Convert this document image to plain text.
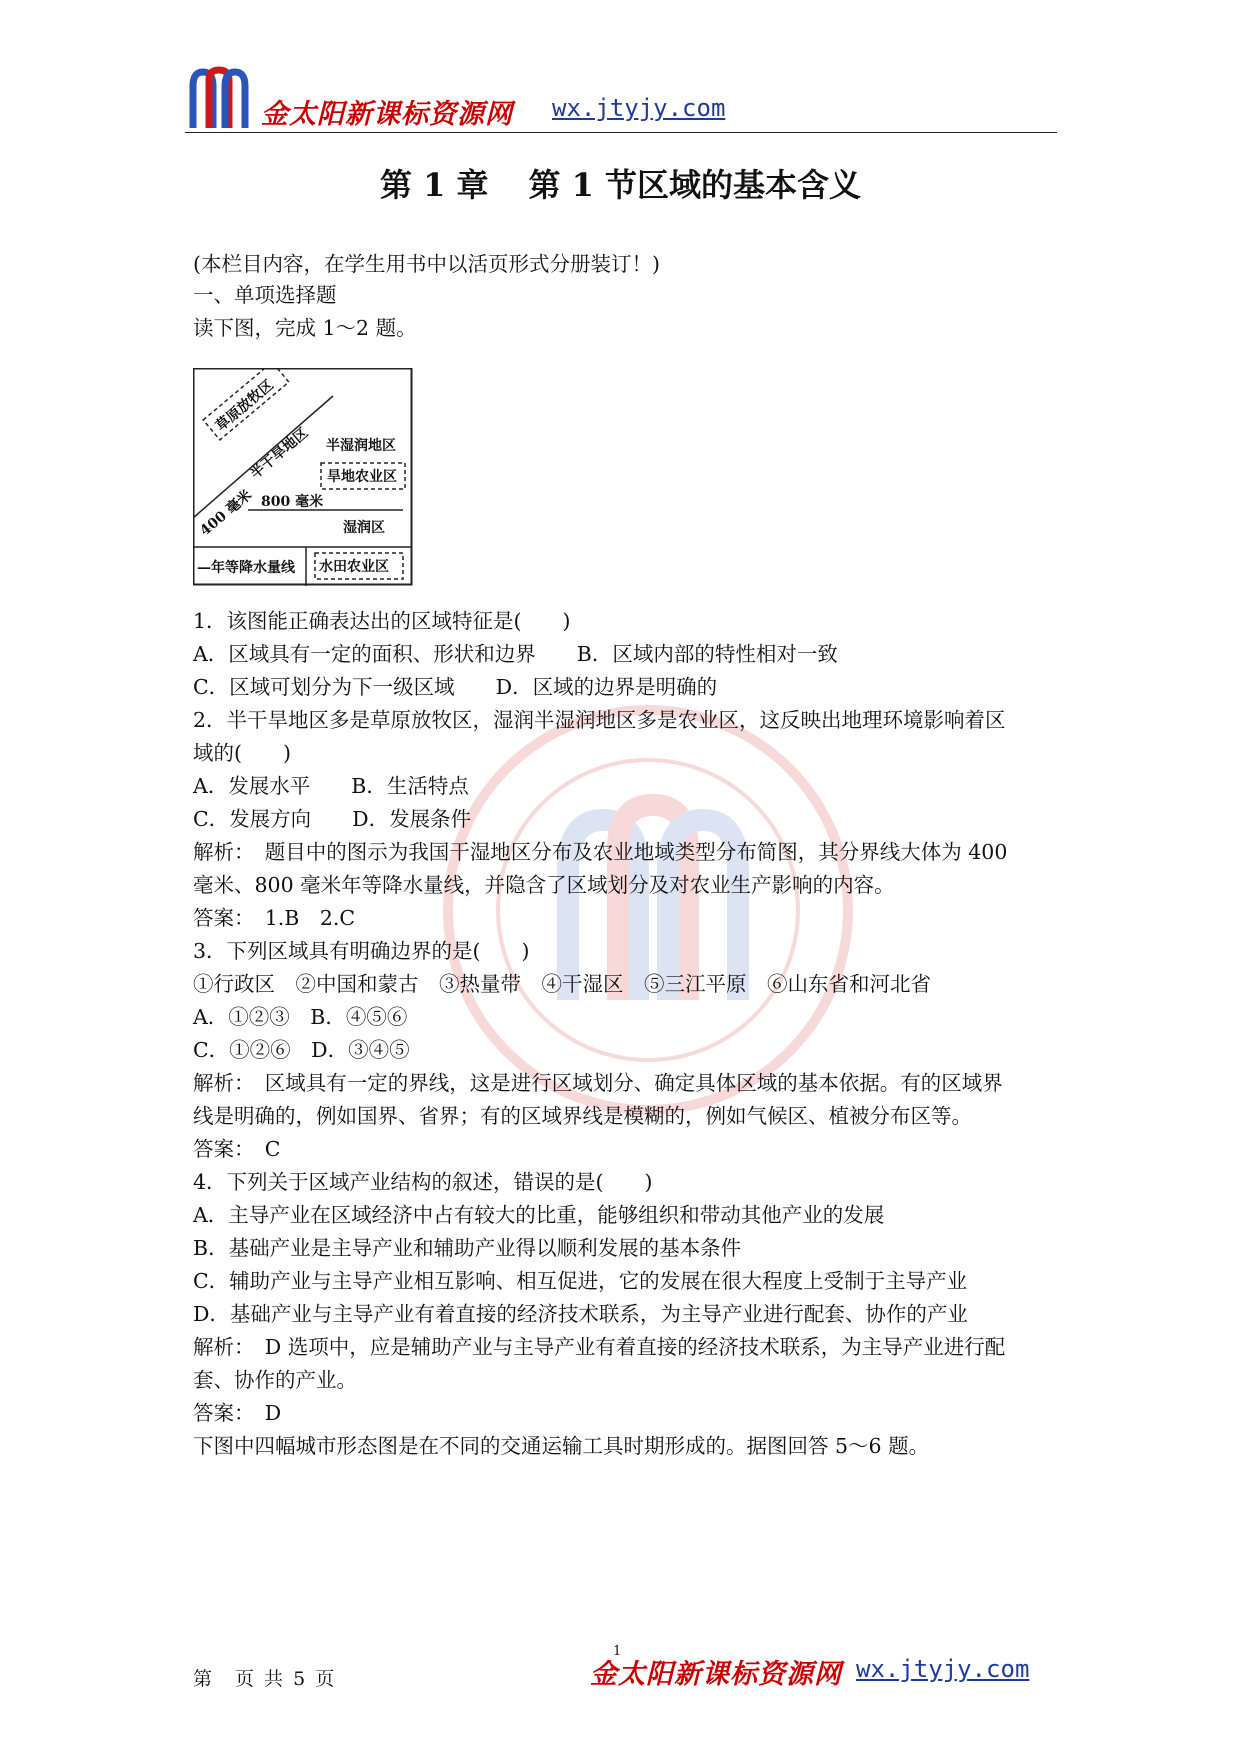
金太阳新课标资源网 wx.jtyjy.com
第 1 章 第 1 节区域的基本含义
(本栏目内容，在学生用书中以活页形式分册装订！)
一、单项选择题
读下图，完成 1～2 题。
草原放牧区
半干旱地区
400 毫米 800 毫米
半湿润地区
旱地农业区
湿润区
—年等降水量线 水田农业区
1．该图能正确表达出的区域特征是(　　)
A．区域具有一定的面积、形状和边界　　B．区域内部的特性相对一致
C．区域可划分为下一级区域　　D．区域的边界是明确的
2．半干旱地区多是草原放牧区，湿润半湿润地区多是农业区，这反映出地理环境影响着区
域的(　　)
A．发展水平　　B．生活特点
C．发展方向　　D．发展条件
解析：　题目中的图示为我国干湿地区分布及农业地域类型分布简图，其分界线大体为 400
毫米、800 毫米年等降水量线，并隐含了区域划分及对农业生产影响的内容。
答案：　1.B　2.C
3．下列区域具有明确边界的是(　　)
①行政区　②中国和蒙古　③热量带　④干湿区　⑤三江平原　⑥山东省和河北省
A．①②③　B．④⑤⑥
C．①②⑥　D．③④⑤
解析：　区域具有一定的界线，这是进行区域划分、确定具体区域的基本依据。有的区域界
线是明确的，例如国界、省界；有的区域界线是模糊的，例如气候区、植被分布区等。
答案：　C
4．下列关于区域产业结构的叙述，错误的是(　　)
A．主导产业在区域经济中占有较大的比重，能够组织和带动其他产业的发展
B．基础产业是主导产业和辅助产业得以顺利发展的基本条件
C．辅助产业与主导产业相互影响、相互促进，它的发展在很大程度上受制于主导产业
D．基础产业与主导产业有着直接的经济技术联系，为主导产业进行配套、协作的产业
解析：　D 选项中，应是辅助产业与主导产业有着直接的经济技术联系，为主导产业进行配
套、协作的产业。
答案：　D
下图中四幅城市形态图是在不同的交通运输工具时期形成的。据图回答 5～6 题。
第　页 共 5 页	金太阳新课标资源网
1
wx.jtyjy.com
